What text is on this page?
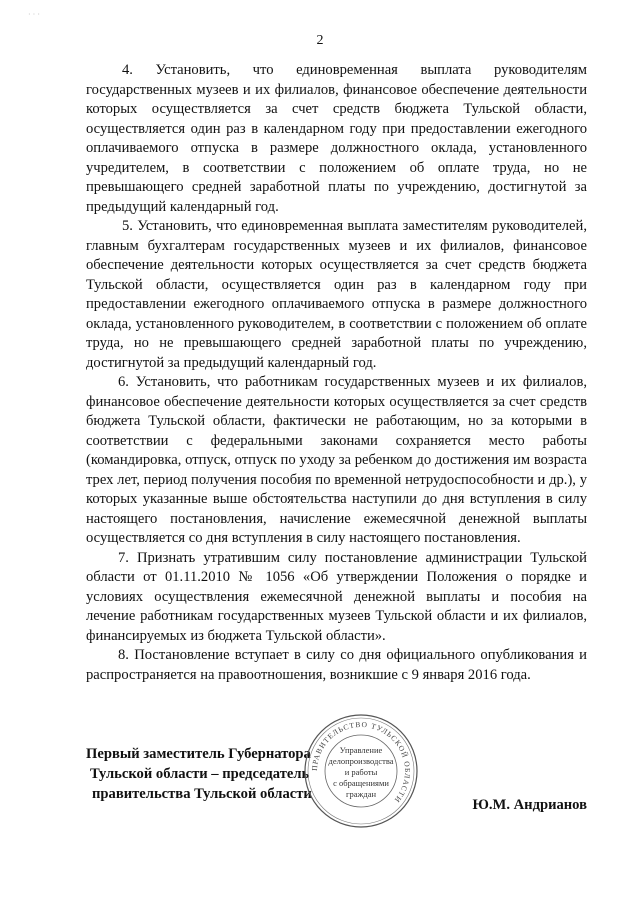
· · ·
2

4. Установить, что единовременная выплата руководителям государственных музеев и их филиалов, финансовое обеспечение деятельности которых осуществляется за счет средств бюджета Тульской области, осуществляется один раз в календарном году при предоставлении ежегодного оплачиваемого отпуска в размере должностного оклада, установленного учредителем, в соответствии с положением об оплате труда, но не превышающего средней заработной платы по учреждению, достигнутой за предыдущий календарный год.

5. Установить, что единовременная выплата заместителям руководителей, главным бухгалтерам государственных музеев и их филиалов, финансовое обеспечение деятельности которых осуществляется за счет средств бюджета Тульской области, осуществляется один раз в календарном году при предоставлении ежегодного оплачиваемого отпуска в размере должностного оклада, установленного руководителем, в соответствии с положением об оплате труда, но не превышающего средней заработной платы по учреждению, достигнутой за предыдущий календарный год.

6. Установить, что работникам государственных музеев и их филиалов, финансовое обеспечение деятельности которых осуществляется за счет средств бюджета Тульской области, фактически не работающим, но за которыми в соответствии с федеральными законами сохраняется место работы (командировка, отпуск, отпуск по уходу за ребенком до достижения им возраста трех лет, период получения пособия по временной нетрудоспособности и др.), у которых указанные выше обстоятельства наступили до дня вступления в силу настоящего постановления, начисление ежемесячной денежной выплаты осуществляется со дня вступления в силу настоящего постановления.

7. Признать утратившим силу постановление администрации Тульской области от 01.11.2010 № 1056 «Об утверждении Положения о порядке и условиях осуществления ежемесячной денежной выплаты и пособия на лечение работникам государственных музеев Тульской области и их филиалов, финансируемых из бюджета Тульской области».

8. Постановление вступает в силу со дня официального опубликования и распространяется на правоотношения, возникшие с 9 января 2016 года.

Первый заместитель Губернатора
Тульской области – председатель
правительства Тульской области
Ю.М. Андрианов
ПРАВИТЕЛЬСТВО ТУЛЬСКОЙ ОБЛАСТИ
Управление
делопроизводства
и работы
с обращениями
граждан
